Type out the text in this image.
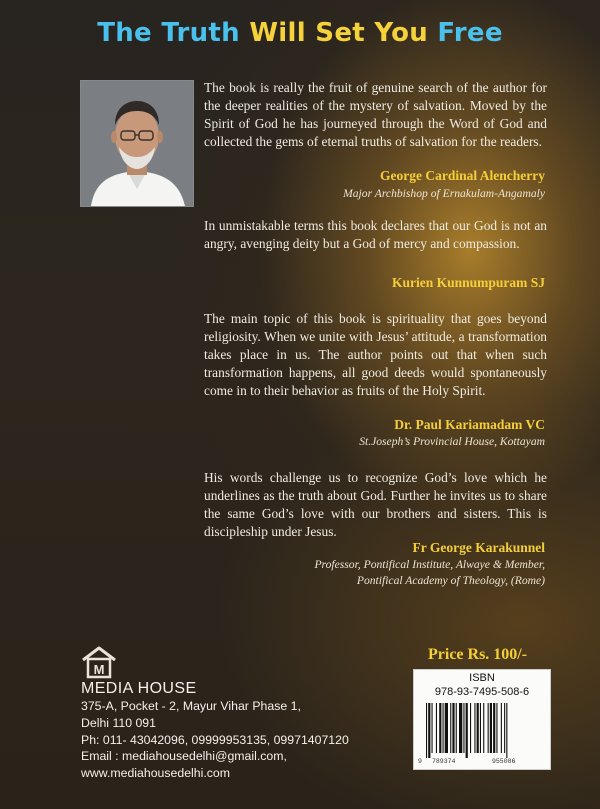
The Truth Will Set You Free
The book is really the fruit of genuine search of the author for the deeper realities of the mystery of salvation. Moved by the Spirit of God he has journeyed through the Word of God and collected the gems of eternal truths of salvation for the readers.
George Cardinal Alencherry
Major Archbishop of Ernakulam-Angamaly
In unmistakable terms this book declares that our God is not an angry, avenging deity but a God of mercy and compassion.
Kurien Kunnumpuram SJ
The main topic of this book is spirituality that goes beyond religiosity. When we unite with Jesus’ attitude, a transformation takes place in us. The author points out that when such transformation happens, all good deeds would spontaneously come in to their behavior as fruits of the Holy Spirit.
Dr. Paul Kariamadam VC
St.Joseph’s Provincial House, Kottayam
His words challenge us to recognize God’s love which he underlines as the truth about God. Further he invites us to share the same God’s love with our brothers and sisters. This is discipleship under Jesus.
Fr George Karakunnel
Professor, Pontifical Institute, Alwaye & Member,
Pontifical Academy of Theology, (Rome)
M
MEDIA HOUSE
375-A, Pocket - 2, Mayur Vihar Phase 1,
Delhi 110 091
Ph: 011- 43042096, 09999953135, 09971407120
Email : mediahousedelhi@gmail.com,
www.mediahousedelhi.com
Price Rs. 100/-
ISBN
978-93-7495-508-6
9 789374	955086
